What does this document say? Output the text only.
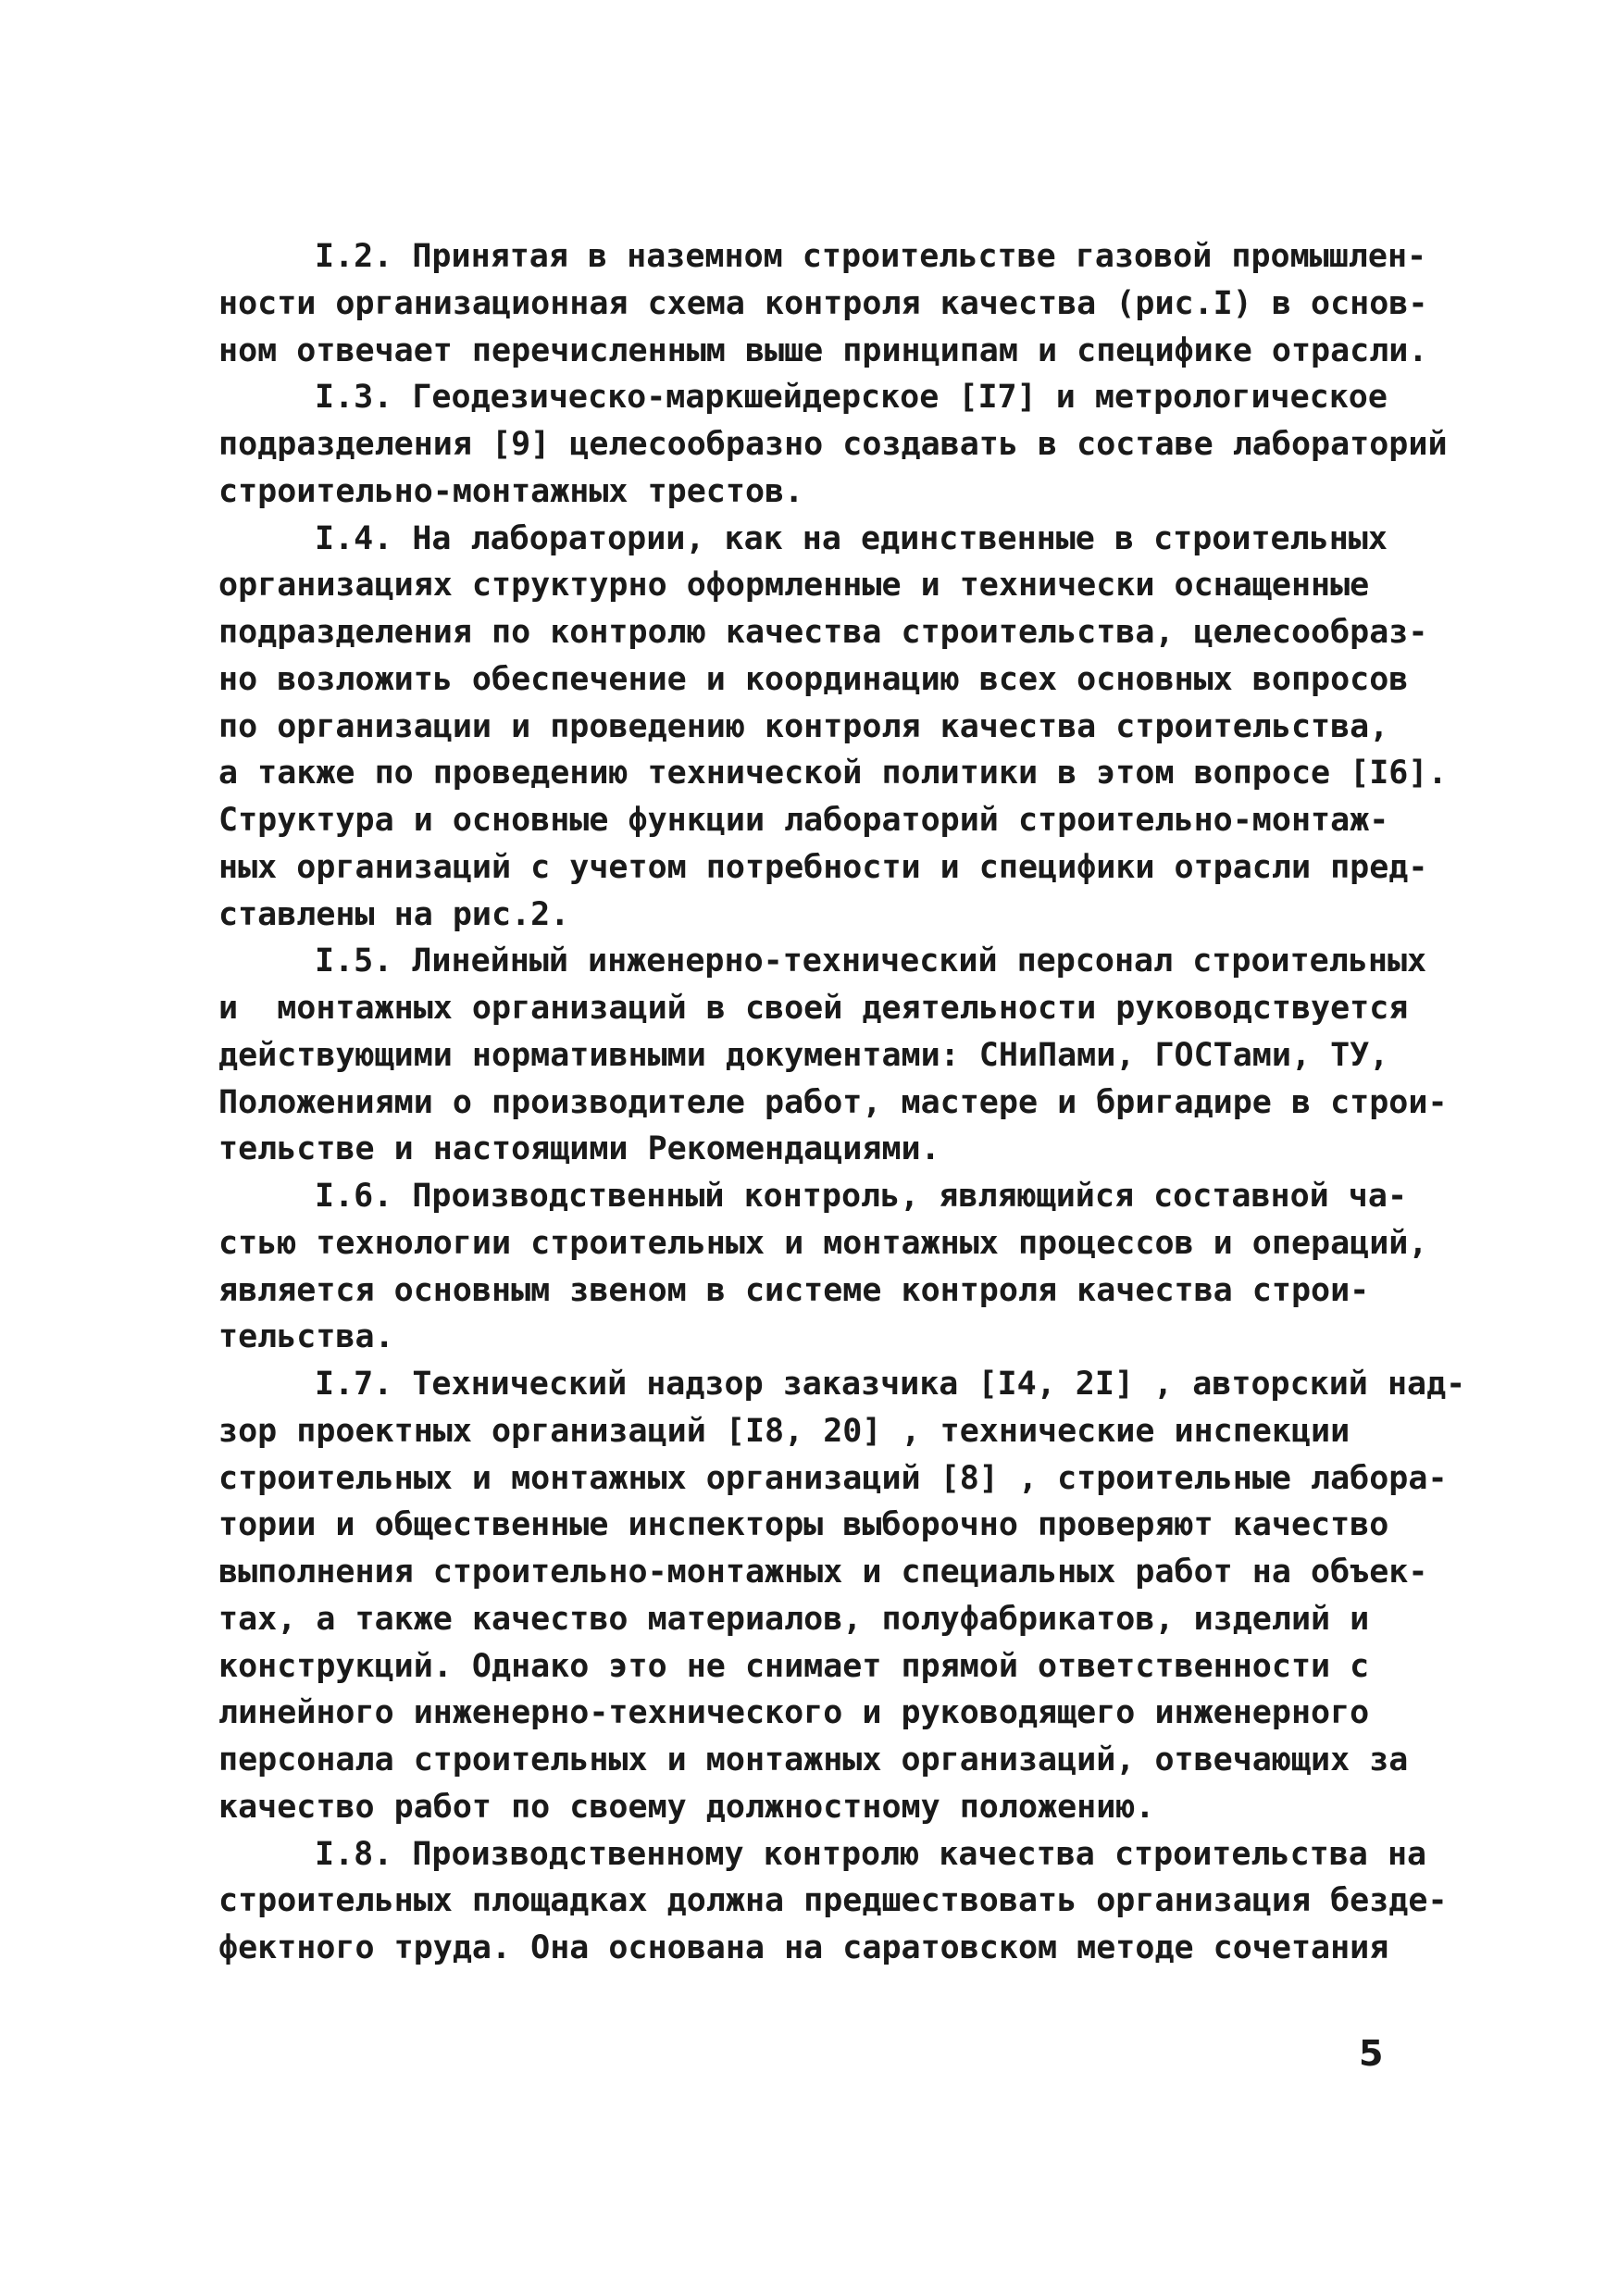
I.2. Принятая в наземном строительстве газовой промышлен-
ности организационная схема контроля качества (рис.I) в основ-
ном отвечает перечисленным выше принципам и специфике отрасли.
I.3. Геодезическо-маркшейдерское [I7] и метрологическое
подразделения [9] целесообразно создавать в составе лабораторий
строительно-монтажных трестов.
I.4. На лаборатории, как на единственные в строительных
организациях структурно оформленные и технически оснащенные
подразделения по контролю качества строительства, целесообраз-
но возложить обеспечение и координацию всех основных вопросов
по организации и проведению контроля качества строительства,
а также по проведению технической политики в этом вопросе [I6].
Структура и основные функции лабораторий строительно-монтаж-
ных организаций с учетом потребности и специфики отрасли пред-
ставлены на рис.2.
I.5. Линейный инженерно-технический персонал строительных
и  монтажных организаций в своей деятельности руководствуется
действующими нормативными документами: СНиПами, ГОСТами, ТУ,
Положениями о производителе работ, мастере и бригадире в строи-
тельстве и настоящими Рекомендациями.
I.6. Производственный контроль, являющийся составной ча-
стью технологии строительных и монтажных процессов и операций,
является основным звеном в системе контроля качества строи-
тельства.
I.7. Технический надзор заказчика [I4, 2I] , авторский над-
зор проектных организаций [I8, 20] , технические инспекции
строительных и монтажных организаций [8] , строительные лабора-
тории и общественные инспекторы выборочно проверяют качество
выполнения строительно-монтажных и специальных работ на объек-
тах, а также качество материалов, полуфабрикатов, изделий и
конструкций. Однако это не снимает прямой ответственности с
линейного инженерно-технического и руководящего инженерного
персонала строительных и монтажных организаций, отвечающих за
качество работ по своему должностному положению.
I.8. Производственному контролю качества строительства на
строительных площадках должна предшествовать организация безде-
фектного труда. Она основана на саратовском методе сочетания
5
